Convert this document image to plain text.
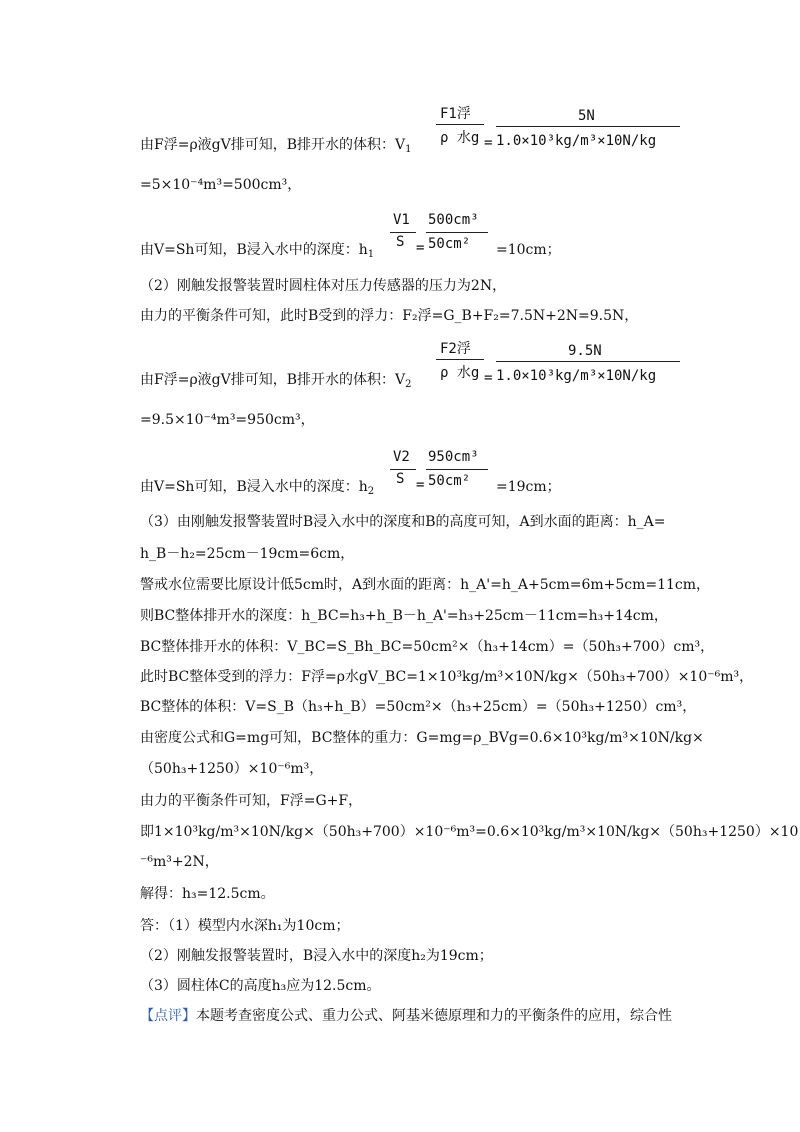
由F浮=ρ液gV排可知，B排开水的体积：$V_1$
F1浮
ρ 水g =
5N
1.0×10³kg/m³×10N/kg
=5×10⁻⁴m³=500cm³，
由V=Sh可知，B浸入水中的深度：$h_1$
V1
S =
500cm³
50cm² =10cm；
（2）刚触发报警装置时圆柱体对压力传感器的压力为2N，
由力的平衡条件可知，此时B受到的浮力：F₂浮=G_B+F₂=7.5N+2N=9.5N，
由F浮=ρ液gV排可知，B排开水的体积：$V_2$
F2浮
ρ 水g =
9.5N
1.0×10³kg/m³×10N/kg
=9.5×10⁻⁴m³=950cm³，
由V=Sh可知，B浸入水中的深度：$h_2$
V2
S =
950cm³
50cm² =19cm；
（3）由刚触发报警装置时B浸入水中的深度和B的高度可知，A到水面的距离：h_A=
h_B－h₂=25cm－19cm=6cm，
警戒水位需要比原设计低5cm时，A到水面的距离：h_A'=h_A+5cm=6m+5cm=11cm，
则BC整体排开水的深度：h_BC=h₃+h_B－h_A'=h₃+25cm－11cm=h₃+14cm，
BC整体排开水的体积：V_BC=S_Bh_BC=50cm²×（h₃+14cm）=（50h₃+700）cm³，
此时BC整体受到的浮力：F浮=ρ水gV_BC=1×10³kg/m³×10N/kg×（50h₃+700）×10⁻⁶m³，
BC整体的体积：V=S_B（h₃+h_B）=50cm²×（h₃+25cm）=（50h₃+1250）cm³，
由密度公式和G=mg可知，BC整体的重力：G=mg=ρ_BVg=0.6×10³kg/m³×10N/kg×
（50h₃+1250）×10⁻⁶m³，
由力的平衡条件可知，F浮=G+F，
即1×10³kg/m³×10N/kg×（50h₃+700）×10⁻⁶m³=0.6×10³kg/m³×10N/kg×（50h₃+1250）×10
⁻⁶m³+2N，
解得：h₃=12.5cm。
答：（1）模型内水深h₁为10cm；
（2）刚触发报警装置时，B浸入水中的深度h₂为19cm；
（3）圆柱体C的高度h₃应为12.5cm。
【点评】本题考查密度公式、重力公式、阿基米德原理和力的平衡条件的应用，综合性
